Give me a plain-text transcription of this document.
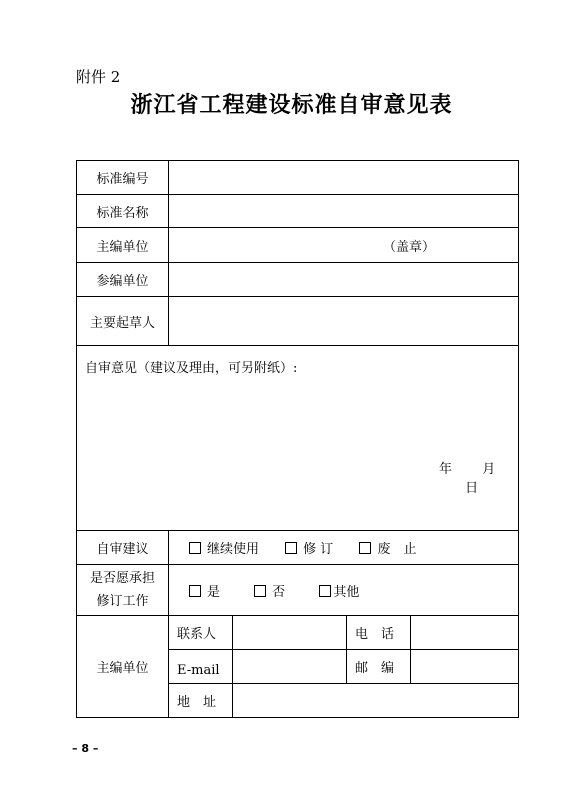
附件 2
浙江省工程建设标准自审意见表
标准编号				
标准名称				
主编单位	（盖章）			

参编单位				
主要起草人				

自审意见（建议及理由，可另附纸）:
年 月  日				

自审建议	继续使用 修 订 废　止			

是否愿承担
修订工作	是 否 其他			
主编单位	联系人		电　话	
	E-mail		邮　编	
	地　址			
– 8 –
